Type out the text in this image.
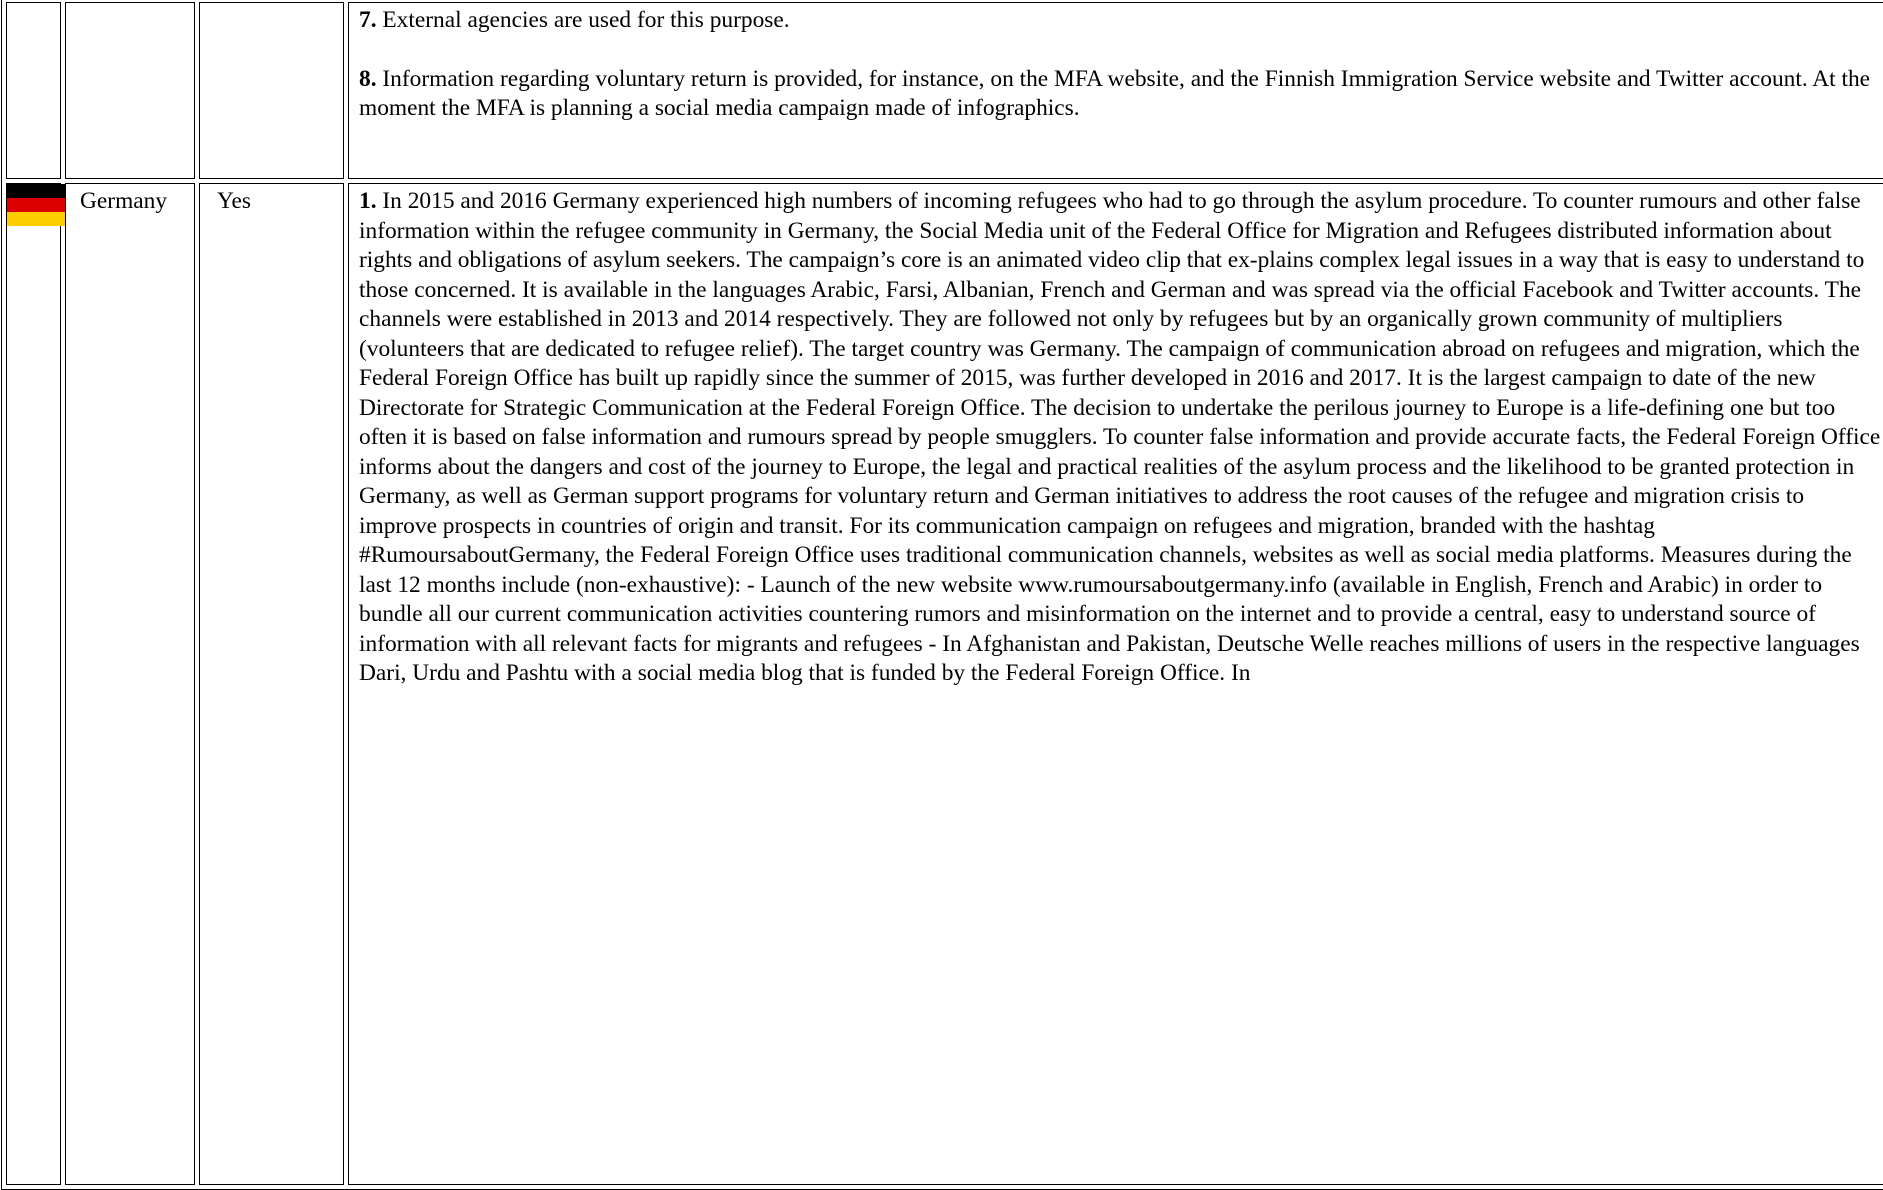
			7. External agencies are used for this purpose.

8. Information regarding voluntary return is provided, for instance, on the MFA website, and the Finnish Immigration Service website and Twitter account. At the moment the MFA is planning a social media campaign made of infographics.

	Germany	Yes	1. In 2015 and 2016 Germany experienced high numbers of incoming refugees who had to go through the asylum procedure. To counter rumours and other false information within the refugee community in Germany, the Social Media unit of the Federal Office for Migration and Refugees distributed information about rights and obligations of asylum seekers. The campaign’s core is an animated video clip that ex-plains complex legal issues in a way that is easy to understand to those concerned. It is available in the languages Arabic, Farsi, Albanian, French and German and was spread via the official Facebook and Twitter accounts. The channels were established in 2013 and 2014 respectively. They are followed not only by refugees but by an organically grown community of multipliers (volunteers that are dedicated to refugee relief). The target country was Germany. The campaign of communication abroad on refugees and migration, which the Federal Foreign Office has built up rapidly since the summer of 2015, was further developed in 2016 and 2017. It is the largest campaign to date of the new Directorate for Strategic Communication at the Federal Foreign Office. The decision to undertake the perilous journey to Europe is a life-defining one but too often it is based on false information and rumours spread by people smugglers. To counter false information and provide accurate facts, the Federal Foreign Office informs about the dangers and cost of the journey to Europe, the legal and practical realities of the asylum process and the likelihood to be granted protection in Germany, as well as German support programs for voluntary return and German initiatives to address the root causes of the refugee and migration crisis to improve prospects in countries of origin and transit. For its communication campaign on refugees and migration, branded with the hashtag #RumoursaboutGermany, the Federal Foreign Office uses traditional communication channels, websites as well as social media platforms. Measures during the last 12 months include (non-exhaustive): - Launch of the new website www.rumoursaboutgermany.info (available in English, French and Arabic) in order to bundle all our current communication activities countering rumors and misinformation on the internet and to provide a central, easy to understand source of information with all relevant facts for migrants and refugees - In Afghanistan and Pakistan, Deutsche Welle reaches millions of users in the respective languages Dari, Urdu and Pashtu with a social media blog that is funded by the Federal Foreign Office. In
